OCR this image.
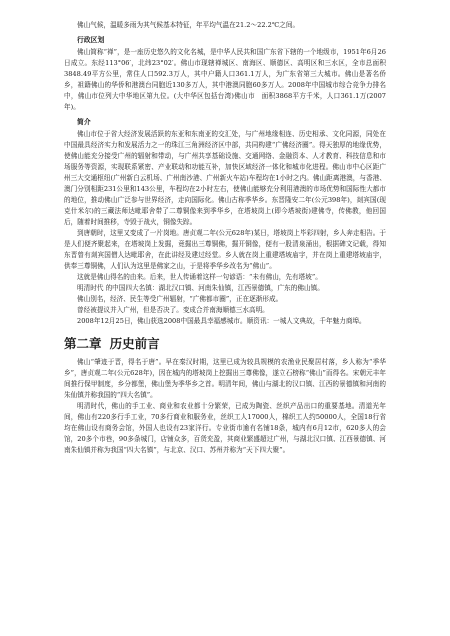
佛山气候，温暖多雨为其气候基本特征，年平均气温在21.2～22.2℃之间。

行政区划

佛山简称“禅”，是一座历史悠久的文化名城，是中华人民共和国广东省下辖的一个地级市，1951年6月26日成立。东经113°06′，北纬23°02′。佛山市现辖禅城区、南海区、顺德区、高明区和三水区，全市总面积3848.49平方公里，常住人口592.3万人，其中户籍人口361.1万人，为广东省第三大城市。佛山是著名侨乡，祖籍佛山的华侨和港澳台同胞近130多万人，其中港澳同胞60多万人。2008年中国城市综合竞争力排名中，佛山市位列大中华地区第九位。(大中华区包括台湾)佛山市　面积3868平方千米，人口361.1万(2007年)。

简介

佛山市位于省大经济发展活跃的东亚和东南亚的交汇处，与广州地缘相连、历史相承、文化同源，同处在中国最具经济实力和发展活力之一的珠江三角洲经济区中部，共同构建“广佛经济圈”。得天独厚的地缘优势，使佛山能充分接受广州的辐射和带动，与广州共享基础设施、交通网络、金融资本、人才教育、科技信息和市场服务等资源，实现联系紧密、产业联动和功能互补，加快区域经济一体化和城市化进程。佛山市中心区距广州三大交通枢纽(广州新白云机场、广州南沙港、广州新火车站)车程均在1小时之内。佛山距离港澳，与香港、澳门分别相距231公里和143公里，车程均在2小时左右，使佛山能够充分利用港澳的市场优势和国际性大都市的地位，推动佛山广泛参与世界经济，走向国际化。佛山古称季华乡。东晋隆安二年(公元398年)，剡宾国(现克什米尔)的三藏法师达毗耶舍带了二尊铜像来到季华乡，在塔坡岗上(即今塔坡街)建佛寺，传佛教，他回国后，随着时间推移，寺毁于战火，铜像失踪。

到唐朝时，这里又变成了一片岗地。唐贞观二年(公元628年)某日，塔坡岗上毕彩四射，乡人奔走相告。于是人们便齐聚起来，在塔坡岗上发掘，竟掘出三尊铜佛，掘开铜像，便有一股清泉涌出，根据碑文记载，得知东晋曾有剡宾国僧人达毗耶舍，在此讲经及建过经堂。乡人就在岗上重建塔坡庙宇，并在岗上重建塔坡庙宇，供奉三尊铜佛，人们认为这里是佛家之山，于是将季华乡改名为“佛山”。

这就是佛山得名的由来。后来，世人传诵着这样一句谚语：“未有佛山，先有塔坡”。

明清时代 的中国四大名镇：湖北汉口镇、河南朱仙镇，江西景德镇，广东的佛山镇。

佛山别名，经济、民生等受广州辐射，“广佛都市圈”，正在逐渐形成。

曾经被提议并入广州，但是否决了。变成合并南海顺德三水高明。

2008年12月25日，佛山获选2008中国最具幸福感城市。顺资讯：一城人文典故，千年魅力商埠。

第二章 历史前言

佛山“肇迹于晋，得名于唐”。早在秦汉时期，这里已成为较具规模的农渔业民聚居村落，乡人称为“季华乡”，唐贞观二年(公元628年)，因在城内的塔坡岗上挖掘出三尊佛像，遂立石榜称“佛山”而得名。宋朝元丰年间推行保甲制度，乡分都堡，佛山堡为季华乡之首。明清年间，佛山与湖北的汉口镇、江西的景德镇和河南的朱仙镇并称我国的“四大名镇”。

明清时代，佛山的手工业、商业和农业都十分繁荣，已成为陶瓷、丝织产品出口的重要基地。清道光年间，佛山有220多行手工业，70多行商业和服务业，丝织工人17000人，棉织工人约50000人，全国18行省均在佛山设有商务会馆，外国人也设有23家洋行。专业街市逾有名铺18条，城内有6月12市，620多人的会馆，20多个市巷，90多条城门，店铺众多，百货充盈，其商业繁盛超过广州，与湖北汉口镇、江西景德镇、河南朱仙镇并称为我国“四大名镇”，与北京、汉口、苏州并称为“天下四大聚”。
